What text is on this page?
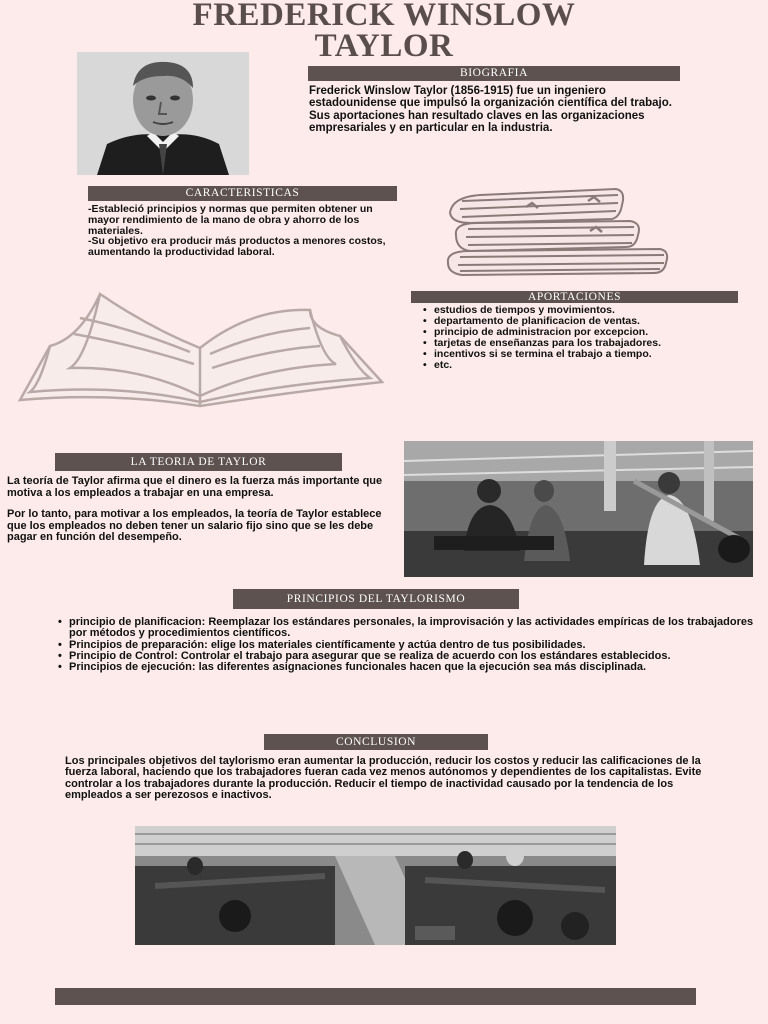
FREDERICK WINSLOW
TAYLOR
BIOGRAFIA

Frederick Winslow Taylor (1856-1915) fue un ingeniero estadounidense que impulsó la organización científica del trabajo. Sus aportaciones han resultado claves en las organizaciones empresariales y en particular en la industria.

CARACTERISTICAS

-Estableció principios y normas que permiten obtener un mayor rendimiento de la mano de obra y ahorro de los materiales.

-Su objetivo era producir más productos a menores costos, aumentando la productividad laboral.

APORTACIONES
• estudios de tiempos y movimientos.
• departamento de planificacion de ventas.
• principio de administracion por excepcion.
• tarjetas de enseñanzas para los trabajadores.
• incentivos si se termina el trabajo a tiempo.
• etc.
LA TEORIA DE TAYLOR

La teoría de Taylor afirma que el dinero es la fuerza más importante que motiva a los empleados a trabajar en una empresa.

Por lo tanto, para motivar a los empleados, la teoría de Taylor establece que los empleados no deben tener un salario fijo sino que se les debe pagar en función del desempeño.

PRINCIPIOS DEL TAYLORISMO
• principio de planificacion: Reemplazar los estándares personales, la improvisación y las actividades empíricas de los trabajadores por métodos y procedimientos científicos.
• Principios de preparación: elige los materiales científicamente y actúa dentro de tus posibilidades.
• Principio de Control: Controlar el trabajo para asegurar que se realiza de acuerdo con los estándares establecidos.
• Principios de ejecución: las diferentes asignaciones funcionales hacen que la ejecución sea más disciplinada.
CONCLUSION

Los principales objetivos del taylorismo eran aumentar la producción, reducir los costos y reducir las calificaciones de la fuerza laboral, haciendo que los trabajadores fueran cada vez menos autónomos y dependientes de los capitalistas. Evite controlar a los trabajadores durante la producción. Reducir el tiempo de inactividad causado por la tendencia de los empleados a ser perezosos e inactivos.
